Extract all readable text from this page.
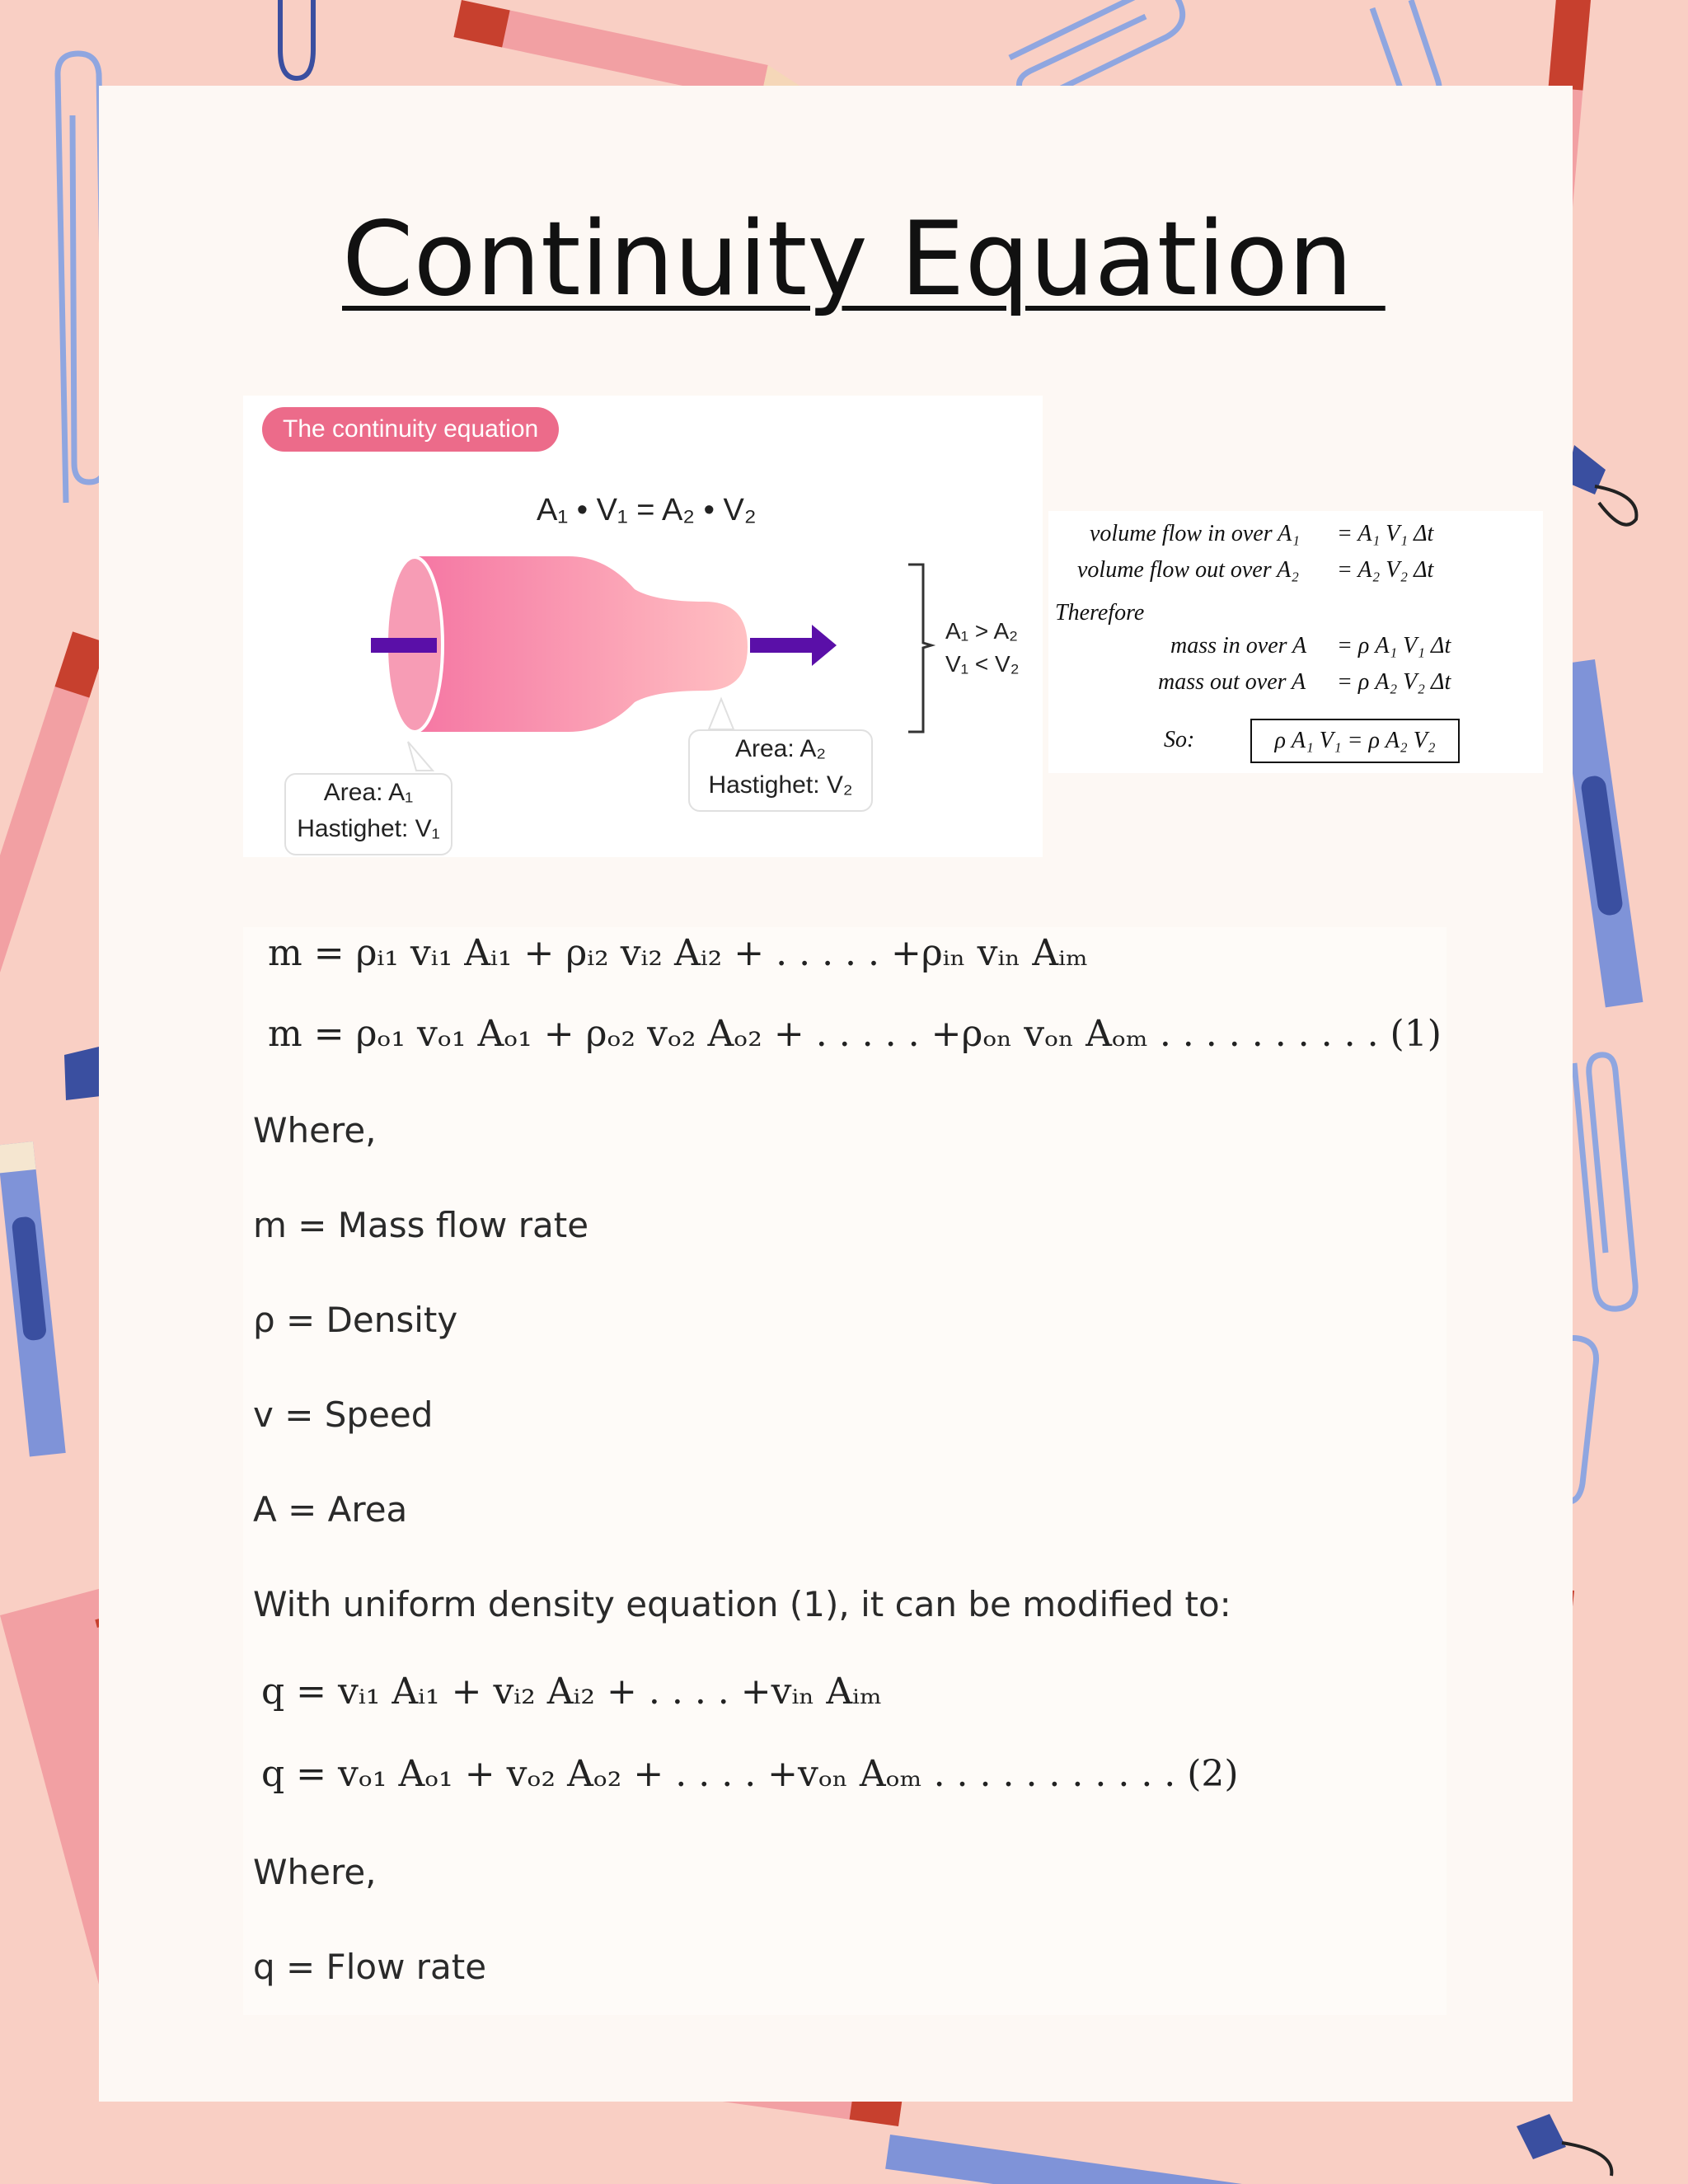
Continuity Equation
The continuity equation
A₁ • V₁ = A₂ • V₂
A₁ > A₂
V₁ < V₂
Area: A₁
Hastighet: V₁
Area: A₂
Hastighet: V₂
volume flow in over A₁ = A₁ V₁ Δt
volume flow out over A₂ = A₂ V₂ Δt
Therefore
mass in over A = ρ A₁ V₁ Δt
mass out over A = ρ A₂ V₂ Δt
So:	ρ A₁ V₁ = ρ A₂ V₂
m = ρᵢ₁ vᵢ₁ Aᵢ₁ + ρᵢ₂ vᵢ₂ Aᵢ₂ + . . . . . +ρᵢₙ vᵢₙ Aᵢₘ
m = ρₒ₁ vₒ₁ Aₒ₁ + ρₒ₂ vₒ₂ Aₒ₂ + . . . . . +ρₒₙ vₒₙ Aₒₘ . . . . . . . . . . (1)
Where,
m = Mass flow rate
ρ = Density
v = Speed
A = Area
With uniform density equation (1), it can be modified to:
q = vᵢ₁ Aᵢ₁ + vᵢ₂ Aᵢ₂ + . . . . +vᵢₙ Aᵢₘ
q = vₒ₁ Aₒ₁ + vₒ₂ Aₒ₂ + . . . . +vₒₙ Aₒₘ . . . . . . . . . . . (2)
Where,
q = Flow rate
